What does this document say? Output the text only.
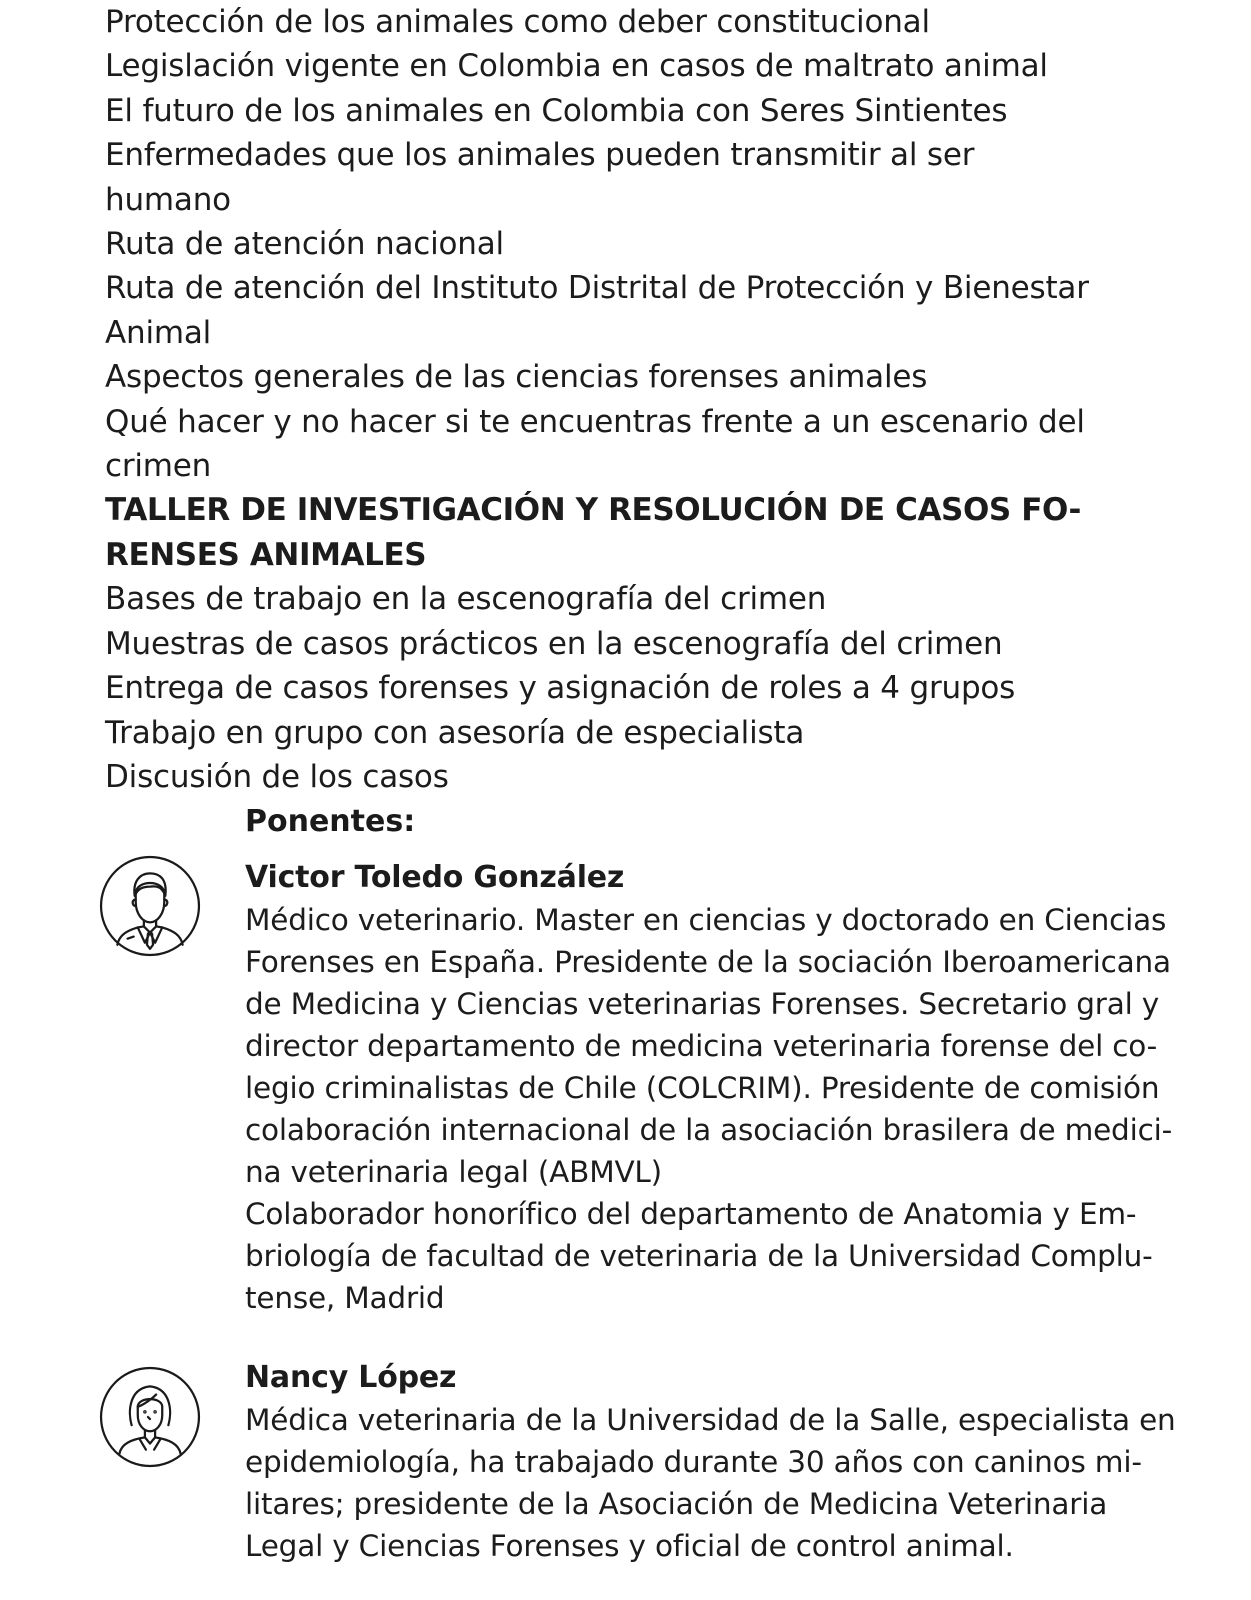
Protección de los animales como deber constitucional
Legislación vigente en Colombia en casos de maltrato animal
El futuro de los animales en Colombia con Seres Sintientes
Enfermedades que los animales pueden transmitir al ser humano
Ruta de atención nacional
Ruta de atención del Instituto Distrital de Protección y Bienestar
Animal
Aspectos generales de las ciencias forenses animales
Qué hacer y no hacer si te encuentras frente a un escenario del
crimen
TALLER DE INVESTIGACIÓN Y RESOLUCIÓN DE CASOS FO-
RENSES ANIMALES
Bases de trabajo en la escenografía del crimen
Muestras de casos prácticos en la escenografía del crimen
Entrega de casos forenses y asignación de roles a 4 grupos
Trabajo en grupo con asesoría de especialista
Discusión de los casos
Ponentes:
Victor Toledo González
Médico veterinario. Master en ciencias y doctorado en Ciencias
Forenses en España. Presidente de la sociación Iberoamericana
de Medicina y Ciencias veterinarias Forenses. Secretario gral y
director departamento de medicina veterinaria forense del co-
legio criminalistas de Chile (COLCRIM). Presidente de comisión
colaboración internacional de la asociación brasilera de medici-
na veterinaria legal (ABMVL)
Colaborador honorífico del departamento de Anatomia y Em-
briología de facultad de veterinaria de la Universidad Complu-
tense, Madrid
Nancy López
Médica veterinaria de la Universidad de la Salle, especialista en
epidemiología, ha trabajado durante 30 años con caninos mi-
litares; presidente de la Asociación de Medicina Veterinaria
Legal y Ciencias Forenses y oficial de control animal.
